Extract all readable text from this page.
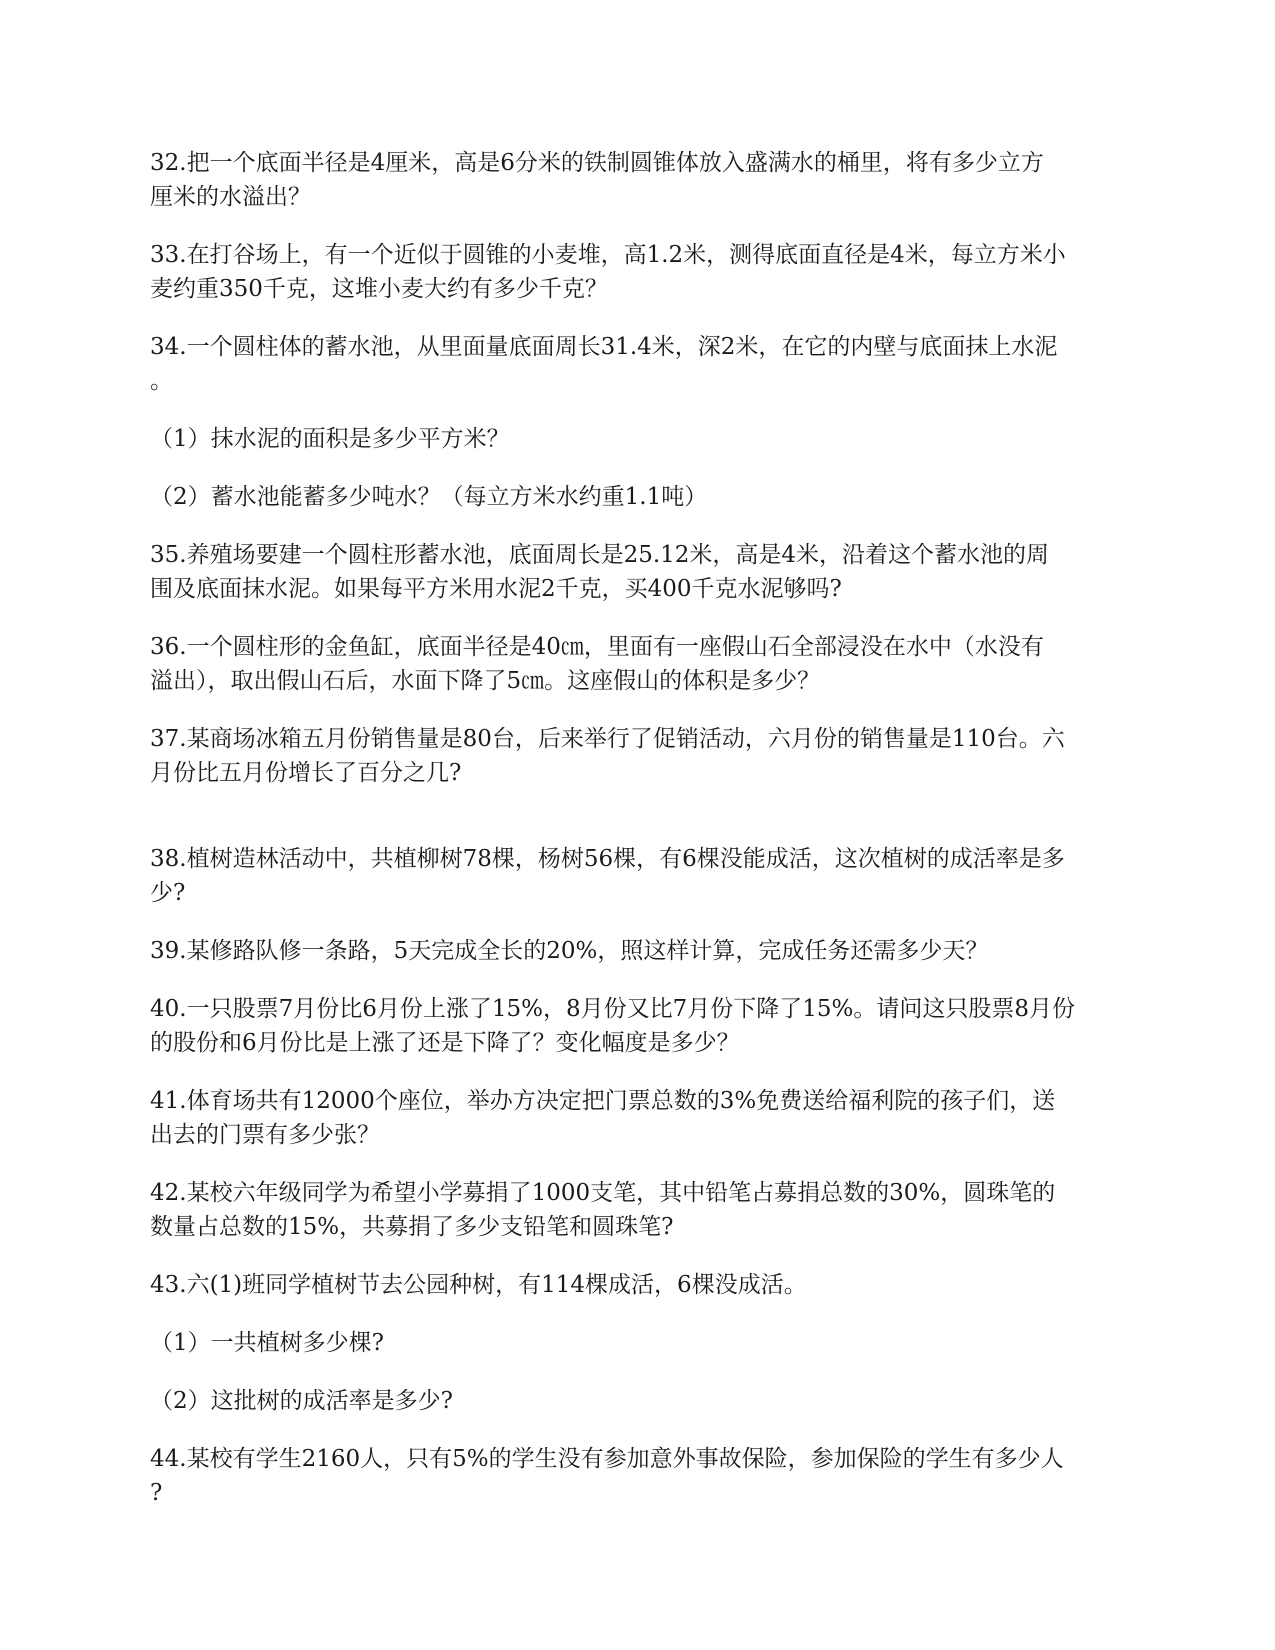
32.把一个底面半径是4厘米，高是6分米的铁制圆锥体放入盛满水的桶里，将有多少立方
厘米的水溢出？

33.在打谷场上，有一个近似于圆锥的小麦堆，高1.2米，测得底面直径是4米，每立方米小
麦约重350千克，这堆小麦大约有多少千克？

34.一个圆柱体的蓄水池，从里面量底面周长31.4米，深2米，在它的内壁与底面抹上水泥
。

（1）抹水泥的面积是多少平方米？

（2）蓄水池能蓄多少吨水？（每立方米水约重1.1吨）

35.养殖场要建一个圆柱形蓄水池，底面周长是25.12米，高是4米，沿着这个蓄水池的周
围及底面抹水泥。如果每平方米用水泥2千克，买400千克水泥够吗?

36.一个圆柱形的金鱼缸，底面半径是40㎝，里面有一座假山石全部浸没在水中（水没有
溢出），取出假山石后，水面下降了5㎝。这座假山的体积是多少？

37.某商场冰箱五月份销售量是80台，后来举行了促销活动，六月份的销售量是110台。六
月份比五月份增长了百分之几?

38.植树造林活动中，共植柳树78棵，杨树56棵，有6棵没能成活，这次植树的成活率是多
少?

39.某修路队修一条路，5天完成全长的20%，照这样计算，完成任务还需多少天？

40.一只股票7月份比6月份上涨了15%，8月份又比7月份下降了15%。请问这只股票8月份
的股份和6月份比是上涨了还是下降了？变化幅度是多少？

41.体育场共有12000个座位，举办方决定把门票总数的3%免费送给福利院的孩子们，送
出去的门票有多少张？

42.某校六年级同学为希望小学募捐了1000支笔，其中铅笔占募捐总数的30%，圆珠笔的
数量占总数的15%，共募捐了多少支铅笔和圆珠笔?

43.六(1)班同学植树节去公园种树，有114棵成活，6棵没成活。

（1）一共植树多少棵?

（2）这批树的成活率是多少?

44.某校有学生2160人，只有5%的学生没有参加意外事故保险，参加保险的学生有多少人
?
